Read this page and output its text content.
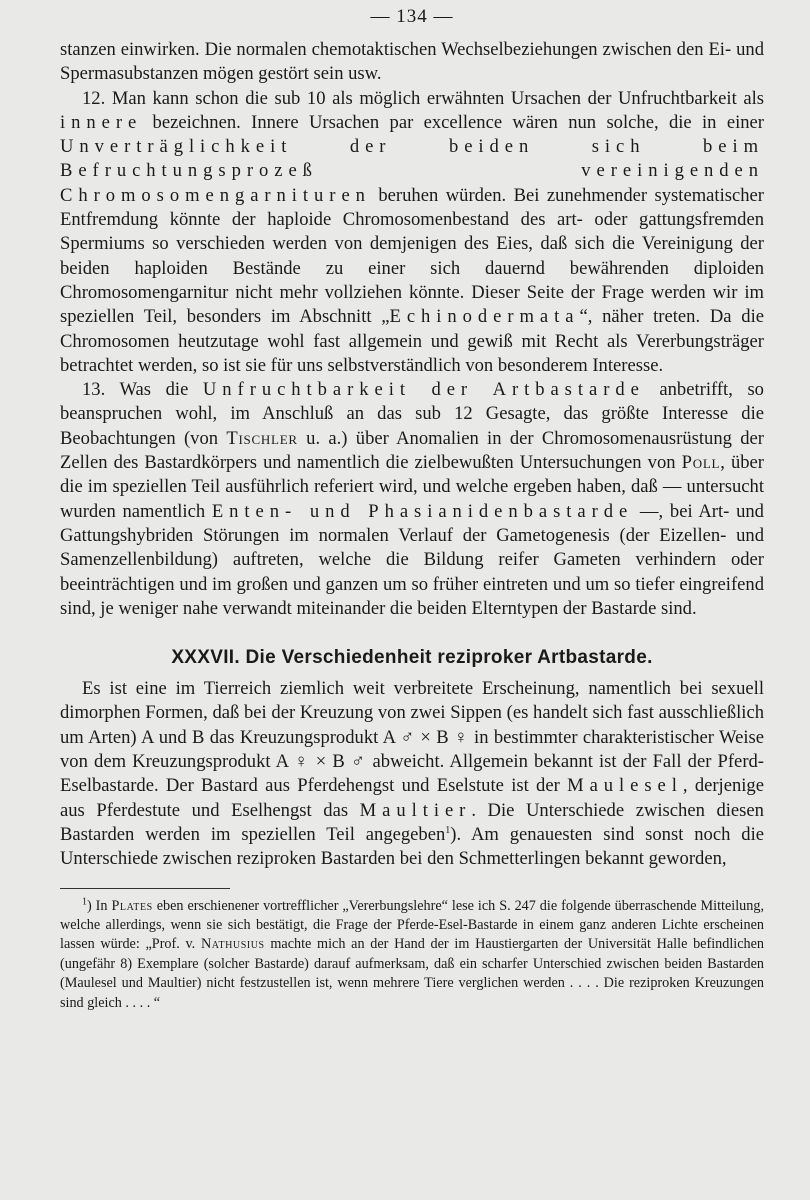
— 134 —

stanzen einwirken. Die normalen chemotaktischen Wechselbeziehungen zwischen den Ei- und Spermasubstanzen mögen gestört sein usw.

12. Man kann schon die sub 10 als möglich erwähnten Ursachen der Unfruchtbarkeit als innere bezeichnen. Innere Ursachen par excellence wären nun solche, die in einer Unverträglichkeit der beiden sich beim Befruchtungsprozeß vereinigenden Chromosomengarnituren beruhen würden. Bei zunehmender systematischer Entfremdung könnte der haploide Chromosomenbestand des art- oder gattungsfremden Spermiums so verschieden werden von demjenigen des Eies, daß sich die Vereinigung der beiden haploiden Bestände zu einer sich dauernd bewährenden diploiden Chromosomengarnitur nicht mehr vollziehen könnte. Dieser Seite der Frage werden wir im speziellen Teil, besonders im Abschnitt „Echinodermata“, näher treten. Da die Chromosomen heutzutage wohl fast allgemein und gewiß mit Recht als Vererbungsträger betrachtet werden, so ist sie für uns selbstverständlich von besonderem Interesse.

13. Was die Unfruchtbarkeit der Artbastarde anbetrifft, so beanspruchen wohl, im Anschluß an das sub 12 Gesagte, das größte Interesse die Beobachtungen (von Tischler u. a.) über Anomalien in der Chromosomenausrüstung der Zellen des Bastardkörpers und namentlich die zielbewußten Untersuchungen von Poll, über die im speziellen Teil ausführlich referiert wird, und welche ergeben haben, daß — untersucht wurden namentlich Enten- und Phasianidenbastarde —, bei Art- und Gattungshybriden Störungen im normalen Verlauf der Gametogenesis (der Eizellen- und Samenzellenbildung) auftreten, welche die Bildung reifer Gameten verhindern oder beeinträchtigen und im großen und ganzen um so früher eintreten und um so tiefer eingreifend sind, je weniger nahe verwandt miteinander die beiden Elterntypen der Bastarde sind.

XXXVII. Die Verschiedenheit reziproker Artbastarde.

Es ist eine im Tierreich ziemlich weit verbreitete Erscheinung, namentlich bei sexuell dimorphen Formen, daß bei der Kreuzung von zwei Sippen (es handelt sich fast ausschließlich um Arten) A und B das Kreuzungsprodukt A ♂ × B ♀ in bestimmter charakteristischer Weise von dem Kreuzungsprodukt A ♀ × B ♂ abweicht. Allgemein bekannt ist der Fall der Pferd-Eselbastarde. Der Bastard aus Pferdehengst und Eselstute ist der Maulesel, derjenige aus Pferdestute und Eselhengst das Maultier. Die Unterschiede zwischen diesen Bastarden werden im speziellen Teil angegeben$^1$). Am genauesten sind sonst noch die Unterschiede zwischen reziproken Bastarden bei den Schmetterlingen bekannt geworden,

$^1$) In Plates eben erschienener vortrefflicher „Vererbungslehre“ lese ich S. 247 die folgende überraschende Mitteilung, welche allerdings, wenn sie sich bestätigt, die Frage der Pferde-Esel-Bastarde in einem ganz anderen Lichte erscheinen lassen würde: „Prof. v. Nathusius machte mich an der Hand der im Haustiergarten der Universität Halle befindlichen (ungefähr 8) Exemplare (solcher Bastarde) darauf aufmerksam, daß ein scharfer Unterschied zwischen beiden Bastarden (Maulesel und Maultier) nicht festzustellen ist, wenn mehrere Tiere verglichen werden . . . . Die reziproken Kreuzungen sind gleich . . . . “
